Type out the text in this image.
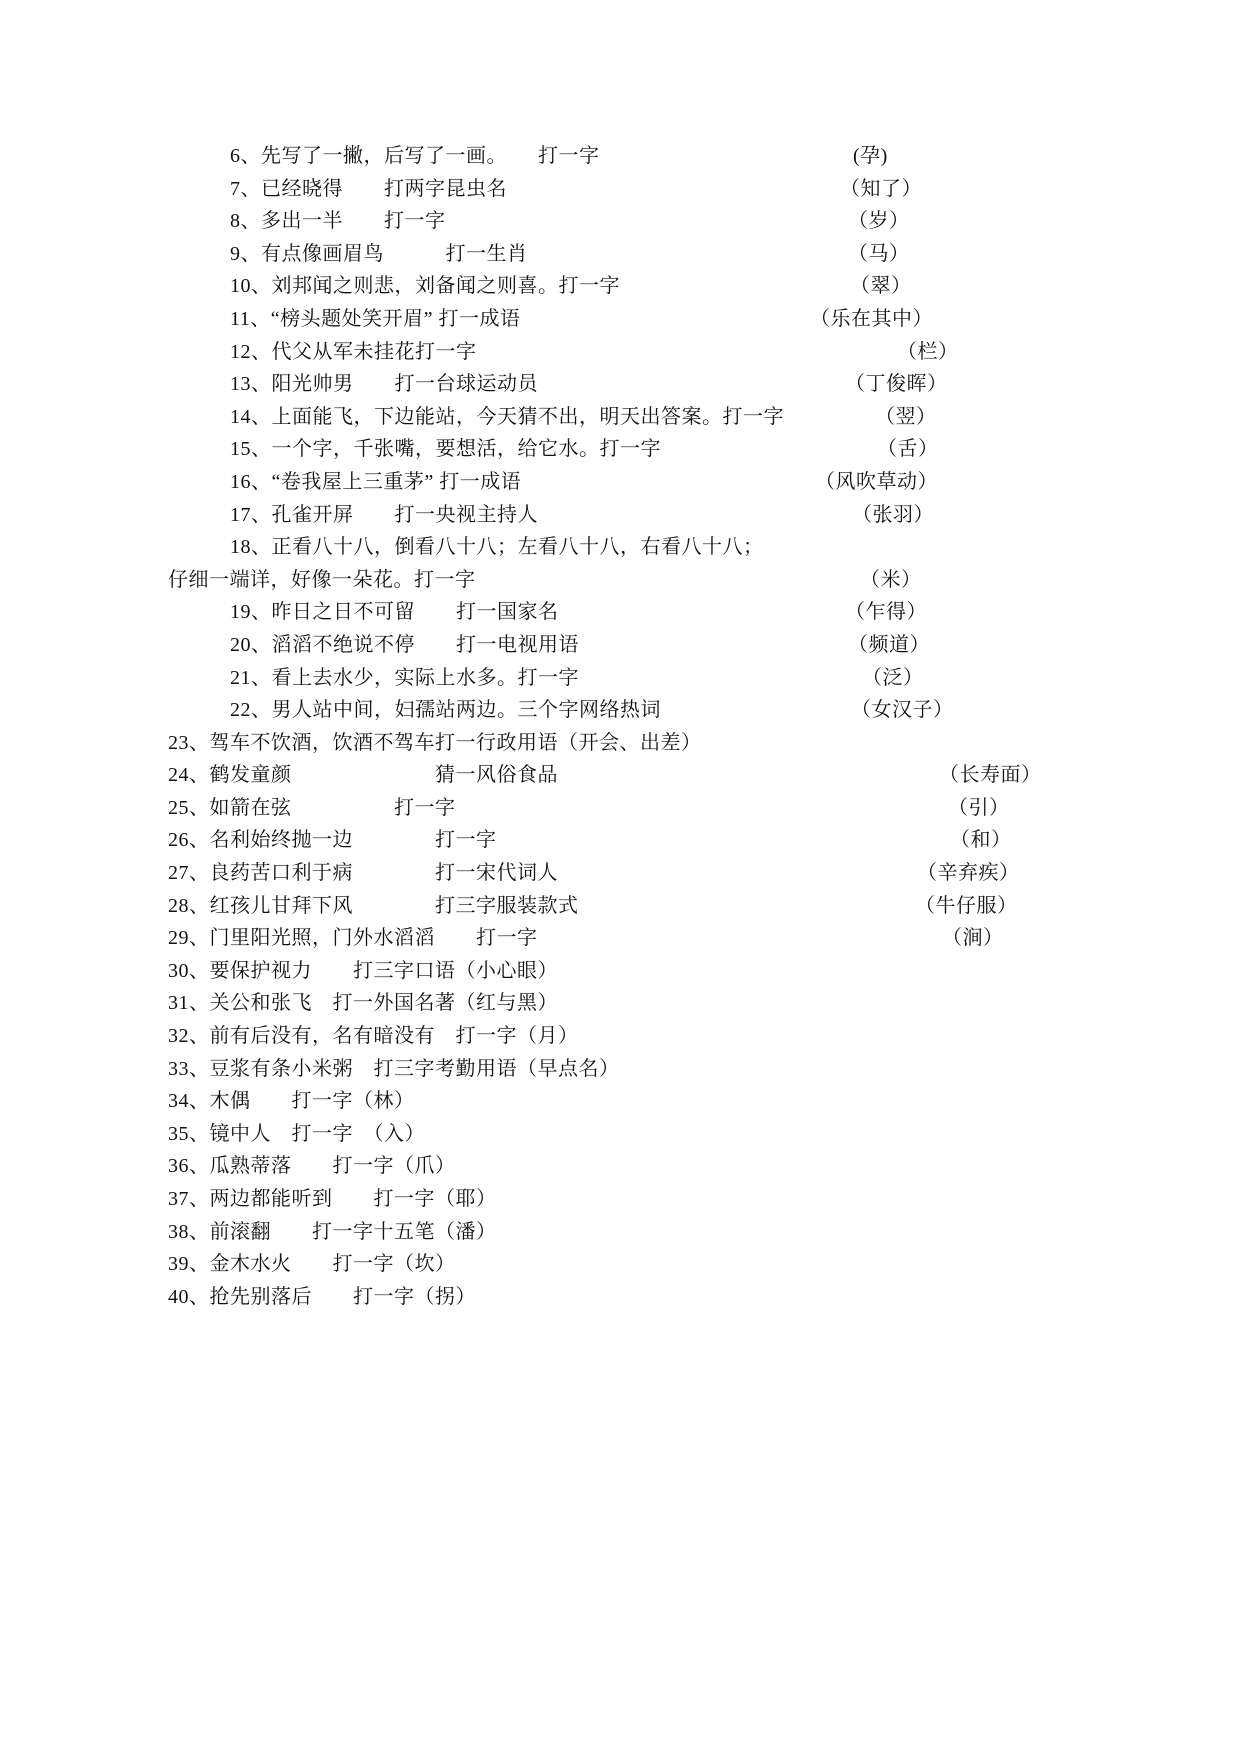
6、先写了一撇，后写了一画。　　打一字	(孕)
7、已经晓得　　打两字昆虫名	（知了）
8、多出一半　　打一字	（岁）
9、有点像画眉鸟　　　打一生肖	（马）
10、刘邦闻之则悲，刘备闻之则喜。打一字	（翠）
11、“榜头题处笑开眉” 打一成语	（乐在其中）
12、代父从军未挂花打一字	（栏）
13、阳光帅男　　打一台球运动员	（丁俊晖）
14、上面能飞，下边能站，今天猜不出，明天出答案。打一字	（翌）
15、一个字，千张嘴，要想活，给它水。打一字	（舌）
16、“卷我屋上三重茅” 打一成语	（风吹草动）
17、孔雀开屏　　打一央视主持人	（张羽）
18、正看八十八，倒看八十八；左看八十八，右看八十八；
仔细一端详，好像一朵花。打一字	（米）
19、昨日之日不可留　　打一国家名	（乍得）
20、滔滔不绝说不停　　打一电视用语	（频道）
21、看上去水少，实际上水多。打一字	（泛）
22、男人站中间，妇孺站两边。三个字网络热词	（女汉子）
23、驾车不饮酒，饮酒不驾车打一行政用语（开会、出差）
24、鹤发童颜　　　　　　　猜一风俗食品	（长寿面）
25、如箭在弦　　　　　打一字	（引）
26、名利始终抛一边　　　　打一字	（和）
27、良药苦口利于病　　　　打一宋代词人	（辛弃疾）
28、红孩儿甘拜下风　　　　打三字服装款式	（牛仔服）
29、门里阳光照，门外水滔滔　　打一字	（涧）
30、要保护视力　　打三字口语（小心眼）
31、关公和张飞　打一外国名著（红与黑）
32、前有后没有，名有暗没有　打一字（月）
33、豆浆有条小米粥　打三字考勤用语（早点名）
34、木偶　　打一字（林）
35、镜中人　打一字　（入）
36、瓜熟蒂落　　打一字（爪）
37、两边都能听到　　打一字（耶）
38、前滚翻　　打一字十五笔（潘）
39、金木水火　　打一字（坎）
40、抢先别落后　　打一字（拐）
